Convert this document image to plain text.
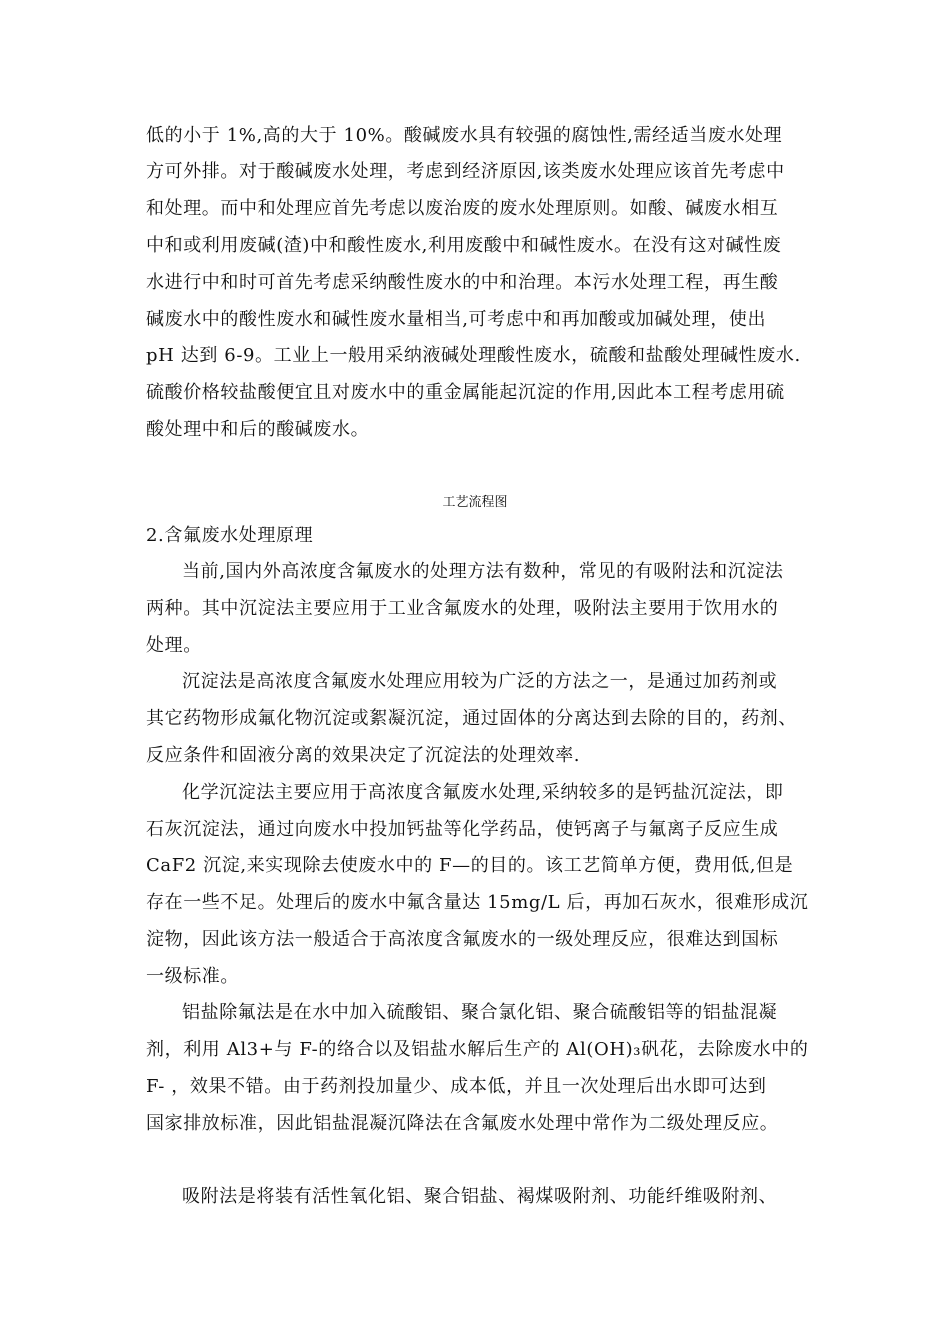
低的小于 1%,高的大于 10%。酸碱废水具有较强的腐蚀性,需经适当废水处理
方可外排。对于酸碱废水处理，考虑到经济原因,该类废水处理应该首先考虑中
和处理。而中和处理应首先考虑以废治废的废水处理原则。如酸、碱废水相互
中和或利用废碱(渣)中和酸性废水,利用废酸中和碱性废水。在没有这对碱性废
水进行中和时可首先考虑采纳酸性废水的中和治理。本污水处理工程，再生酸
碱废水中的酸性废水和碱性废水量相当,可考虑中和再加酸或加碱处理，使出
pH 达到 6-9。工业上一般用采纳液碱处理酸性废水，硫酸和盐酸处理碱性废水.
硫酸价格较盐酸便宜且对废水中的重金属能起沉淀的作用,因此本工程考虑用硫
酸处理中和后的酸碱废水。
工艺流程图
2.含氟废水处理原理
当前,国内外高浓度含氟废水的处理方法有数种，常见的有吸附法和沉淀法
两种。其中沉淀法主要应用于工业含氟废水的处理，吸附法主要用于饮用水的
处理。
沉淀法是高浓度含氟废水处理应用较为广泛的方法之一，是通过加药剂或
其它药物形成氟化物沉淀或絮凝沉淀，通过固体的分离达到去除的目的，药剂、
反应条件和固液分离的效果决定了沉淀法的处理效率.
化学沉淀法主要应用于高浓度含氟废水处理,采纳较多的是钙盐沉淀法，即
石灰沉淀法，通过向废水中投加钙盐等化学药品，使钙离子与氟离子反应生成
CaF2 沉淀,来实现除去使废水中的 F—的目的。该工艺简单方便，费用低,但是
存在一些不足。处理后的废水中氟含量达 15mg/L 后，再加石灰水，很难形成沉
淀物，因此该方法一般适合于高浓度含氟废水的一级处理反应，很难达到国标
一级标准。
铝盐除氟法是在水中加入硫酸铝、聚合氯化铝、聚合硫酸铝等的铝盐混凝
剂，利用 Al3+与 F-的络合以及铝盐水解后生产的 Al(OH)₃矾花，去除废水中的
F- ，效果不错。由于药剂投加量少、成本低，并且一次处理后出水即可达到
国家排放标准，因此铝盐混凝沉降法在含氟废水处理中常作为二级处理反应。
吸附法是将装有活性氧化铝、聚合铝盐、褐煤吸附剂、功能纤维吸附剂、
